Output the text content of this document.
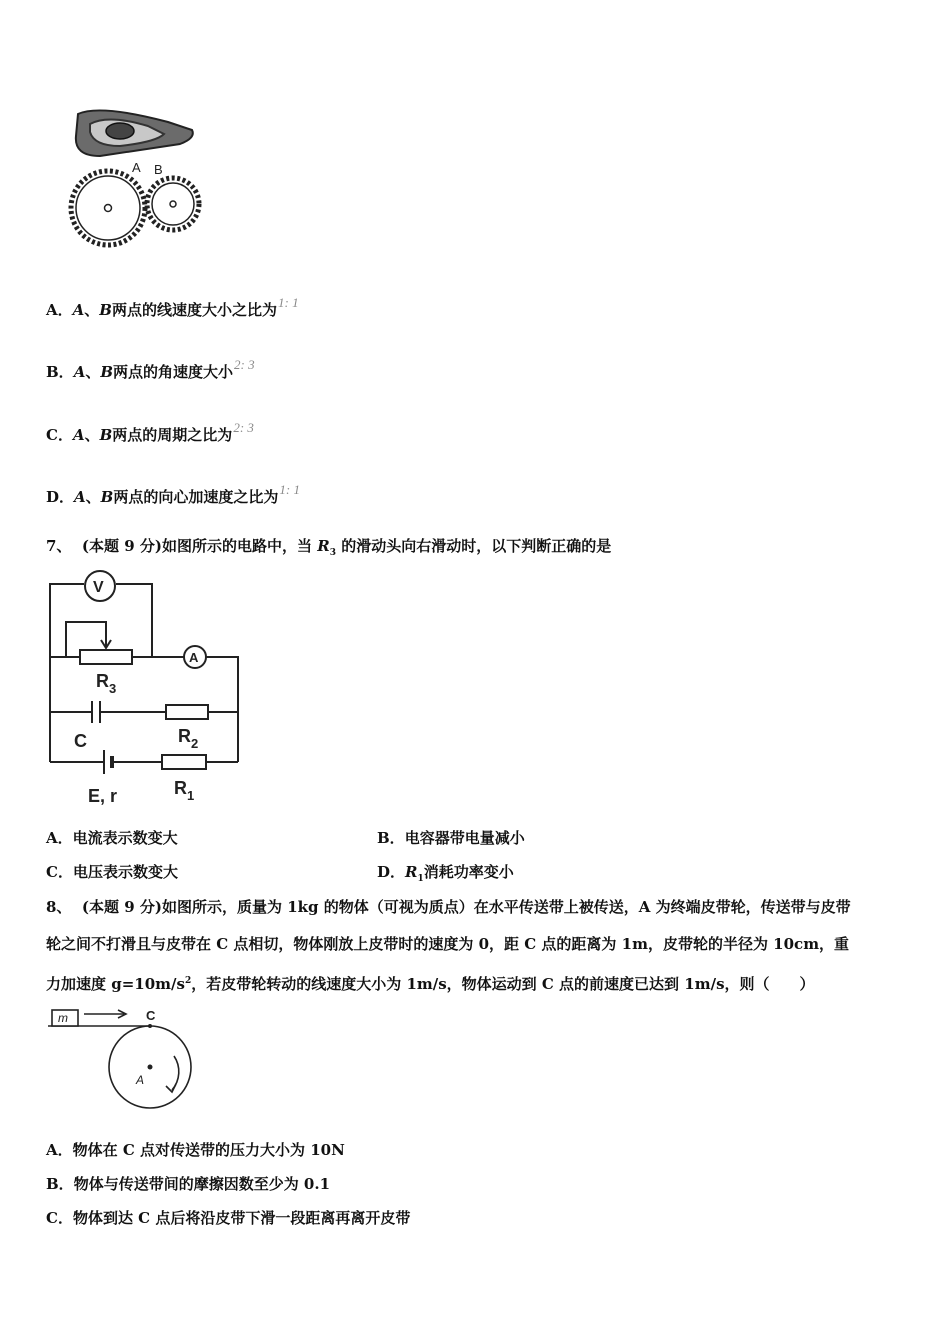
A B
A．A、B两点的线速度大小之比为1: 1
B．A、B两点的角速度大小2: 3
C．A、B两点的周期之比为2: 3
D．A、B两点的向心加速度之比为1: 1
7、 (本题 9 分)如图所示的电路中，当 $R_3$ 的滑动头向右滑动时，以下判断正确的是
V
A
$R_3$
C	$R_2$
E, r	$R_1$
A．电流表示数变大	B．电容器带电量减小
C．电压表示数变大	D．$R_1$消耗功率变小
8、 (本题 9 分)如图所示，质量为 1kg 的物体（可视为质点）在水平传送带上被传送，A 为终端皮带轮，传送带与皮带
轮之间不打滑且与皮带在 C 点相切，物体刚放上皮带时的速度为 0，距 C 点的距离为 1m，皮带轮的半径为 10cm，重
力加速度 $g=10m/s^2$，若皮带轮转动的线速度大小为 1m/s，物体运动到 C 点的前速度已达到 1m/s，则（　　）
m	C
A
A．物体在 C 点对传送带的压力大小为 10N
B．物体与传送带间的摩擦因数至少为 0.1
C．物体到达 C 点后将沿皮带下滑一段距离再离开皮带
